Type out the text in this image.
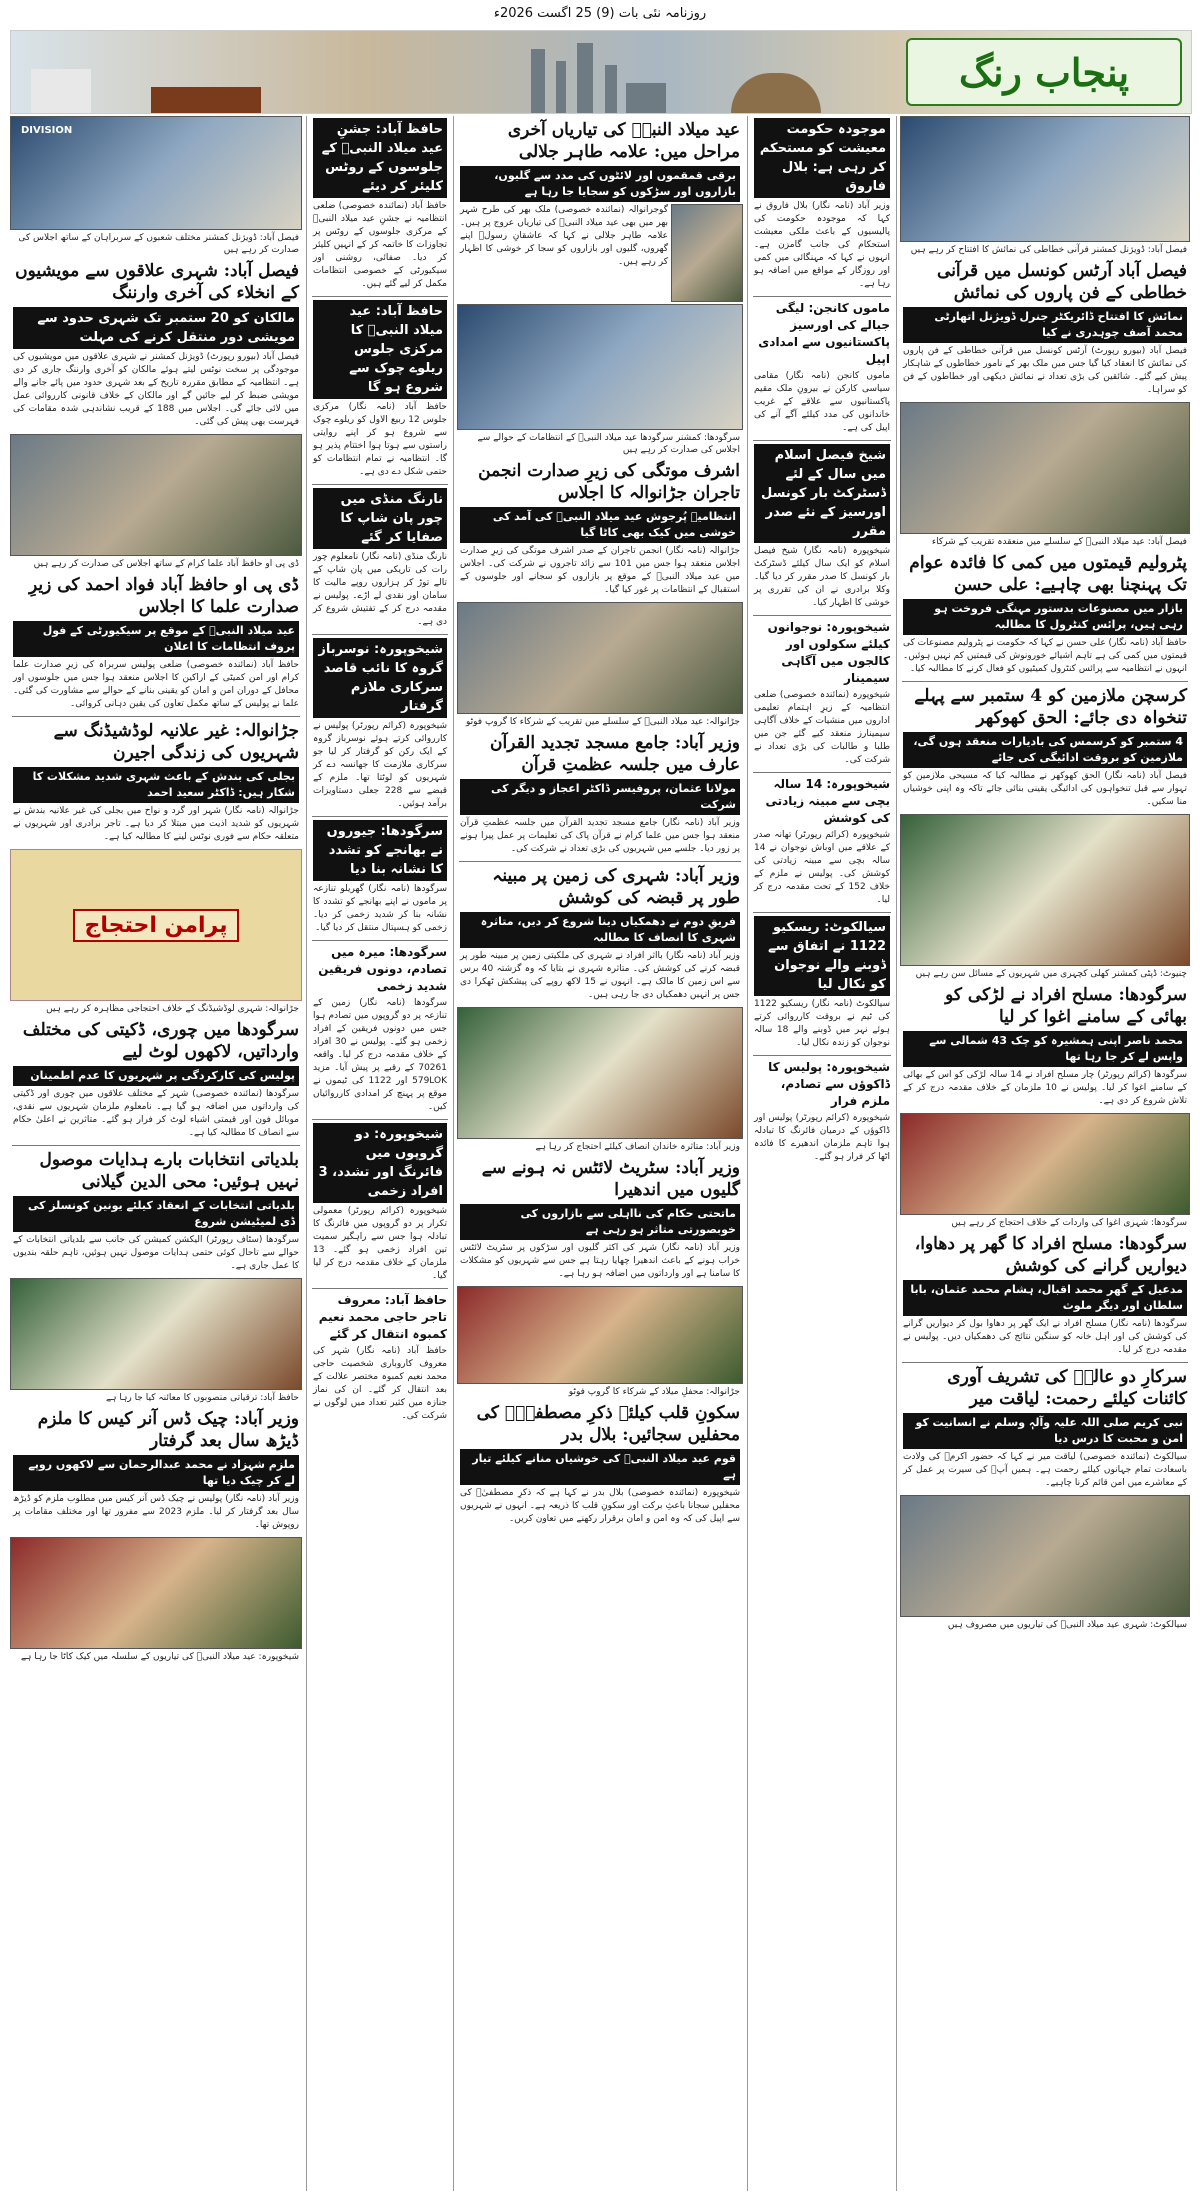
روزنامہ نئی بات (9) 25 اگست 2026ء
پنجاب رنگ
DIVISION
فیصل آباد: ڈویژنل کمشنر مختلف شعبوں کے سربراہان کے ساتھ اجلاس کی صدارت کر رہے ہیں
فیصل آباد: شہری علاقوں سے مویشیوں کے انخلاء کی آخری وارننگ
مالکان کو 20 ستمبر تک شہری حدود سے مویشی دور منتقل کرنے کی مہلت
فیصل آباد (بیورو رپورٹ) ڈویژنل کمشنر نے شہری علاقوں میں مویشیوں کی موجودگی پر سخت نوٹس لیتے ہوئے مالکان کو آخری وارننگ جاری کر دی ہے۔ انتظامیہ کے مطابق مقررہ تاریخ کے بعد شہری حدود میں پائے جانے والے مویشی ضبط کر لیے جائیں گے اور مالکان کے خلاف قانونی کارروائی عمل میں لائی جائے گی۔ اجلاس میں 188 کے قریب نشاندہی شدہ مقامات کی فہرست بھی پیش کی گئی۔
ڈی پی او حافظ آباد علما کرام کے ساتھ اجلاس کی صدارت کر رہے ہیں
ڈی پی او حافظ آباد فواد احمد کی زیرِ صدارت علما کا اجلاس
عید میلاد النبیؐ کے موقع پر سیکیورٹی کے فول پروف انتظامات کا اعلان
حافظ آباد (نمائندہ خصوصی) ضلعی پولیس سربراہ کی زیرِ صدارت علما کرام اور امن کمیٹی کے اراکین کا اجلاس منعقد ہوا جس میں جلوسوں اور محافل کے دوران امن و امان کو یقینی بنانے کے حوالے سے مشاورت کی گئی۔ علما نے پولیس کے ساتھ مکمل تعاون کی یقین دہانی کروائی۔
جڑانوالہ: غیر علانیہ لوڈشیڈنگ سے شہریوں کی زندگی اجیرن
بجلی کی بندش کے باعث شہری شدید مشکلات کا شکار ہیں: ڈاکٹر سعید احمد
جڑانوالہ (نامہ نگار) شہر اور گرد و نواح میں بجلی کی غیر علانیہ بندش نے شہریوں کو شدید اذیت میں مبتلا کر دیا ہے۔ تاجر برادری اور شہریوں نے متعلقہ حکام سے فوری نوٹس لینے کا مطالبہ کیا ہے۔
پرامن احتجاج
جڑانوالہ: شہری لوڈشیڈنگ کے خلاف احتجاجی مظاہرہ کر رہے ہیں
سرگودھا میں چوری، ڈکیتی کی مختلف وارداتیں، لاکھوں لوٹ لیے
پولیس کی کارکردگی پر شہریوں کا عدم اطمینان
سرگودھا (نمائندہ خصوصی) شہر کے مختلف علاقوں میں چوری اور ڈکیتی کی وارداتوں میں اضافہ ہو گیا ہے۔ نامعلوم ملزمان شہریوں سے نقدی، موبائل فون اور قیمتی اشیاء لوٹ کر فرار ہو گئے۔ متاثرین نے اعلیٰ حکام سے انصاف کا مطالبہ کیا ہے۔
بلدیاتی انتخابات بارے ہدایات موصول نہیں ہوئیں: محی الدین گیلانی
بلدیاتی انتخابات کے انعقاد کیلئے یونین کونسلز کی ڈی لمیٹیشن شروع
سرگودھا (سٹاف رپورٹر) الیکشن کمیشن کی جانب سے بلدیاتی انتخابات کے حوالے سے تاحال کوئی حتمی ہدایات موصول نہیں ہوئیں، تاہم حلقہ بندیوں کا عمل جاری ہے۔
حافظ آباد: ترقیاتی منصوبوں کا معائنہ کیا جا رہا ہے
وزیر آباد: چیک ڈس آنر کیس کا ملزم ڈیڑھ سال بعد گرفتار
ملزم شہزاد نے محمد عبدالرحمان سے لاکھوں روپے لے کر چیک دیا تھا
وزیر آباد (نامہ نگار) پولیس نے چیک ڈس آنر کیس میں مطلوب ملزم کو ڈیڑھ سال بعد گرفتار کر لیا۔ ملزم 2023 سے مفرور تھا اور مختلف مقامات پر روپوش تھا۔
شیخوپورہ: عید میلاد النبیؐ کی تیاریوں کے سلسلہ میں کیک کاٹا جا رہا ہے
حافظ آباد: جشنِ عید میلاد النبیؐ کے جلوسوں کے روٹس کلیئر کر دیئے
حافظ آباد (نمائندہ خصوصی) ضلعی انتظامیہ نے جشنِ عید میلاد النبیؐ کے مرکزی جلوسوں کے روٹس پر تجاوزات کا خاتمہ کر کے انہیں کلیئر کر دیا۔ صفائی، روشنی اور سیکیورٹی کے خصوصی انتظامات مکمل کر لیے گئے ہیں۔
حافظ آباد: عید میلاد النبیؐ کا مرکزی جلوس ریلوے چوک سے شروع ہو گا
حافظ آباد (نامہ نگار) مرکزی جلوس 12 ربیع الاول کو ریلوے چوک سے شروع ہو کر اپنے روایتی راستوں سے ہوتا ہوا اختتام پذیر ہو گا۔ انتظامیہ نے تمام انتظامات کو حتمی شکل دے دی ہے۔
نارنگ منڈی میں چور پان شاپ کا صفایا کر گئے
نارنگ منڈی (نامہ نگار) نامعلوم چور رات کی تاریکی میں پان شاپ کے تالے توڑ کر ہزاروں روپے مالیت کا سامان اور نقدی لے اڑے۔ پولیس نے مقدمہ درج کر کے تفتیش شروع کر دی ہے۔
شیخوپورہ: نوسرباز گروہ کا نائب قاصد سرکاری ملازم گرفتار
شیخوپورہ (کرائم رپورٹر) پولیس نے کارروائی کرتے ہوئے نوسرباز گروہ کے ایک رکن کو گرفتار کر لیا جو سرکاری ملازمت کا جھانسہ دے کر شہریوں کو لوٹتا تھا۔ ملزم کے قبضے سے 228 جعلی دستاویزات برآمد ہوئیں۔
سرگودھا: جیوروں نے بھانجے کو تشدد کا نشانہ بنا دیا
سرگودھا (نامہ نگار) گھریلو تنازعہ پر ماموں نے اپنے بھانجے کو تشدد کا نشانہ بنا کر شدید زخمی کر دیا۔ زخمی کو ہسپتال منتقل کر دیا گیا۔
سرگودھا: میرہ میں تصادم، دونوں فریقین شدید زخمی
سرگودھا (نامہ نگار) زمین کے تنازعہ پر دو گروپوں میں تصادم ہوا جس میں دونوں فریقین کے افراد زخمی ہو گئے۔ پولیس نے 30 افراد کے خلاف مقدمہ درج کر لیا۔ واقعہ 70261 کے رقبے پر پیش آیا۔ مزید 579LOK اور 1122 کی ٹیموں نے موقع پر پہنچ کر امدادی کارروائیاں کیں۔
شیخوپورہ: دو گروپوں میں فائرنگ اور تشدد، 3 افراد زخمی
شیخوپورہ (کرائم رپورٹر) معمولی تکرار پر دو گروپوں میں فائرنگ کا تبادلہ ہوا جس سے راہگیر سمیت تین افراد زخمی ہو گئے۔ 13 ملزمان کے خلاف مقدمہ درج کر لیا گیا۔
حافظ آباد: معروف تاجر حاجی محمد نعیم کمبوہ انتقال کر گئے
حافظ آباد (نامہ نگار) شہر کی معروف کاروباری شخصیت حاجی محمد نعیم کمبوہ مختصر علالت کے بعد انتقال کر گئے۔ ان کی نماز جنازہ میں کثیر تعداد میں لوگوں نے شرکت کی۔
عید میلاد النبیؐ کی تیاریاں آخری مراحل میں: علامہ طاہر جلالی
برقی قمقموں اور لائٹوں کی مدد سے گلیوں، بازاروں اور سڑکوں کو سجایا جا رہا ہے
گوجرانوالہ (نمائندہ خصوصی) ملک بھر کی طرح شہر بھر میں بھی عید میلاد النبیؐ کی تیاریاں عروج پر ہیں۔ علامہ طاہر جلالی نے کہا کہ عاشقانِ رسولؐ اپنے گھروں، گلیوں اور بازاروں کو سجا کر خوشی کا اظہار کر رہے ہیں۔
سرگودھا: کمشنر سرگودھا عید میلاد النبیؐ کے انتظامات کے حوالے سے اجلاس کی صدارت کر رہے ہیں
اشرف موتگی کی زیرِ صدارت انجمن تاجران جڑانوالہ کا اجلاس
انتظامیہ پُرجوش عید میلاد النبیؐ کی آمد کی خوشی میں کیک بھی کاٹا گیا
جڑانوالہ (نامہ نگار) انجمن تاجران کے صدر اشرف موتگی کی زیرِ صدارت اجلاس منعقد ہوا جس میں 101 سے زائد تاجروں نے شرکت کی۔ اجلاس میں عید میلاد النبیؐ کے موقع پر بازاروں کو سجانے اور جلوسوں کے استقبال کے انتظامات پر غور کیا گیا۔
جڑانوالہ: عید میلاد النبیؐ کے سلسلے میں تقریب کے شرکاء کا گروپ فوٹو
وزیر آباد: جامع مسجد تجدید القرآن عارف میں جلسہ عظمتِ قرآن
مولانا عثمان، پروفیسر ڈاکٹر اعجاز و دیگر کی شرکت
وزیر آباد (نامہ نگار) جامع مسجد تجدید القرآن میں جلسہ عظمتِ قرآن منعقد ہوا جس میں علما کرام نے قرآن پاک کی تعلیمات پر عمل پیرا ہونے پر زور دیا۔ جلسے میں شہریوں کی بڑی تعداد نے شرکت کی۔
وزیر آباد: شہری کی زمین پر مبینہ طور پر قبضہ کی کوشش
فریقِ دوم نے دھمکیاں دینا شروع کر دیں، متاثرہ شہری کا انصاف کا مطالبہ
وزیر آباد (نامہ نگار) بااثر افراد نے شہری کی ملکیتی زمین پر مبینہ طور پر قبضہ کرنے کی کوشش کی۔ متاثرہ شہری نے بتایا کہ وہ گزشتہ 40 برس سے اس زمین کا مالک ہے۔ انہوں نے 15 لاکھ روپے کی پیشکش ٹھکرا دی جس پر انہیں دھمکیاں دی جا رہی ہیں۔
وزیر آباد: متاثرہ خاندان انصاف کیلئے احتجاج کر رہا ہے
وزیر آباد: سٹریٹ لائٹس نہ ہونے سے گلیوں میں اندھیرا
ماتحتی حکام کی نااہلی سے بازاروں کی خوبصورتی متاثر ہو رہی ہے
وزیر آباد (نامہ نگار) شہر کی اکثر گلیوں اور سڑکوں پر سٹریٹ لائٹس خراب ہونے کے باعث اندھیرا چھایا رہتا ہے جس سے شہریوں کو مشکلات کا سامنا ہے اور وارداتوں میں اضافہ ہو رہا ہے۔
جڑانوالہ: محفلِ میلاد کے شرکاء کا گروپ فوٹو
سکونِ قلب کیلئے ذکرِ مصطفیٰؐ کی محفلیں سجائیں: بلال بدر
قوم عید میلاد النبیؐ کی خوشیاں منانے کیلئے تیار ہے
شیخوپورہ (نمائندہ خصوصی) بلال بدر نے کہا ہے کہ ذکرِ مصطفیٰؐ کی محفلیں سجانا باعثِ برکت اور سکونِ قلب کا ذریعہ ہے۔ انہوں نے شہریوں سے اپیل کی کہ وہ امن و امان برقرار رکھنے میں تعاون کریں۔
موجودہ حکومت معیشت کو مستحکم کر رہی ہے: بلال فاروق
وزیر آباد (نامہ نگار) بلال فاروق نے کہا کہ موجودہ حکومت کی پالیسیوں کے باعث ملکی معیشت استحکام کی جانب گامزن ہے۔ انہوں نے کہا کہ مہنگائی میں کمی اور روزگار کے مواقع میں اضافہ ہو رہا ہے۔
ماموں کانجن: لیگی جیالے کی اورسیز پاکستانیوں سے امدادی اپیل
ماموں کانجن (نامہ نگار) مقامی سیاسی کارکن نے بیرونِ ملک مقیم پاکستانیوں سے علاقے کے غریب خاندانوں کی مدد کیلئے آگے آنے کی اپیل کی ہے۔
شیخ فیصل اسلام میں سال کے لئے ڈسٹرکٹ بار کونسل اورسیز کے نئے صدر مقرر
شیخوپورہ (نامہ نگار) شیخ فیصل اسلام کو ایک سال کیلئے ڈسٹرکٹ بار کونسل کا صدر مقرر کر دیا گیا۔ وکلا برادری نے ان کی تقرری پر خوشی کا اظہار کیا۔
شیخوپورہ: نوجوانوں کیلئے سکولوں اور کالجوں میں آگاہی سیمینار
شیخوپورہ (نمائندہ خصوصی) ضلعی انتظامیہ کے زیرِ اہتمام تعلیمی اداروں میں منشیات کے خلاف آگاہی سیمینارز منعقد کیے گئے جن میں طلبا و طالبات کی بڑی تعداد نے شرکت کی۔
شیخوپورہ: 14 سالہ بچی سے مبینہ زیادتی کی کوشش
شیخوپورہ (کرائم رپورٹر) تھانہ صدر کے علاقے میں اوباش نوجوان نے 14 سالہ بچی سے مبینہ زیادتی کی کوشش کی۔ پولیس نے ملزم کے خلاف 152 کے تحت مقدمہ درج کر لیا۔
سیالکوٹ: ریسکیو 1122 نے اتفاق سے ڈوبنے والے نوجوان کو نکال لیا
سیالکوٹ (نامہ نگار) ریسکیو 1122 کی ٹیم نے بروقت کارروائی کرتے ہوئے نہر میں ڈوبنے والے 18 سالہ نوجوان کو زندہ نکال لیا۔
شیخوپورہ: پولیس کا ڈاکوؤں سے تصادم، ملزم فرار
شیخوپورہ (کرائم رپورٹر) پولیس اور ڈاکوؤں کے درمیان فائرنگ کا تبادلہ ہوا تاہم ملزمان اندھیرے کا فائدہ اٹھا کر فرار ہو گئے۔
فیصل آباد: ڈویژنل کمشنر قرآنی خطاطی کی نمائش کا افتتاح کر رہے ہیں
فیصل آباد آرٹس کونسل میں قرآنی خطاطی کے فن پاروں کی نمائش
نمائش کا افتتاح ڈائریکٹر جنرل ڈویژنل اتھارٹی محمد آصف چوہدری نے کیا
فیصل آباد (بیورو رپورٹ) آرٹس کونسل میں قرآنی خطاطی کے فن پاروں کی نمائش کا انعقاد کیا گیا جس میں ملک بھر کے نامور خطاطوں کے شاہکار پیش کیے گئے۔ شائقین کی بڑی تعداد نے نمائش دیکھی اور خطاطوں کے فن کو سراہا۔
فیصل آباد: عید میلاد النبیؐ کے سلسلے میں منعقدہ تقریب کے شرکاء
پٹرولیم قیمتوں میں کمی کا فائدہ عوام تک پہنچنا بھی چاہیے: علی حسن
بازار میں مصنوعات بدستور مہنگی فروخت ہو رہی ہیں، پرائس کنٹرول کا مطالبہ
حافظ آباد (نامہ نگار) علی حسن نے کہا کہ حکومت نے پٹرولیم مصنوعات کی قیمتوں میں کمی کی ہے تاہم اشیائے خورونوش کی قیمتیں کم نہیں ہوئیں۔ انہوں نے انتظامیہ سے پرائس کنٹرول کمیٹیوں کو فعال کرنے کا مطالبہ کیا۔
کرسچن ملازمین کو 4 ستمبر سے پہلے تنخواہ دی جائے: الحق کھوکھر
4 ستمبر کو کرسمس کی بادیارات منعقد ہوں گی، ملازمین کو بروقت ادائیگی کی جائے
فیصل آباد (نامہ نگار) الحق کھوکھر نے مطالبہ کیا کہ مسیحی ملازمین کو تہوار سے قبل تنخواہوں کی ادائیگی یقینی بنائی جائے تاکہ وہ اپنی خوشیاں منا سکیں۔
چنیوٹ: ڈپٹی کمشنر کھلی کچہری میں شہریوں کے مسائل سن رہے ہیں
سرگودھا: مسلح افراد نے لڑکی کو بھائی کے سامنے اغوا کر لیا
محمد ناصر اپنی ہمشیرہ کو چک 43 شمالی سے واپس لے کر جا رہا تھا
سرگودھا (کرائم رپورٹر) چار مسلح افراد نے 14 سالہ لڑکی کو اس کے بھائی کے سامنے اغوا کر لیا۔ پولیس نے 10 ملزمان کے خلاف مقدمہ درج کر کے تلاش شروع کر دی ہے۔
سرگودھا: شہری اغوا کی واردات کے خلاف احتجاج کر رہے ہیں
سرگودھا: مسلح افراد کا گھر پر دھاوا، دیواریں گرانے کی کوشش
مدعیل کے گھر محمد اقبال، ہشام محمد عثمان، بابا سلطان اور دیگر ملوث
سرگودھا (نامہ نگار) مسلح افراد نے ایک گھر پر دھاوا بول کر دیواریں گرانے کی کوشش کی اور اہل خانہ کو سنگین نتائج کی دھمکیاں دیں۔ پولیس نے مقدمہ درج کر لیا۔
سرکارِ دو عالمؐ کی تشریف آوری کائنات کیلئے رحمت: لیاقت میر
نبی کریم صلی اللہ علیہ وآلہٖ وسلم نے انسانیت کو امن و محبت کا درس دیا
سیالکوٹ (نمائندہ خصوصی) لیاقت میر نے کہا کہ حضور اکرمؐ کی ولادت باسعادت تمام جہانوں کیلئے رحمت ہے۔ ہمیں آپؐ کی سیرت پر عمل کر کے معاشرے میں امن قائم کرنا چاہیے۔
سیالکوٹ: شہری عید میلاد النبیؐ کی تیاریوں میں مصروف ہیں
